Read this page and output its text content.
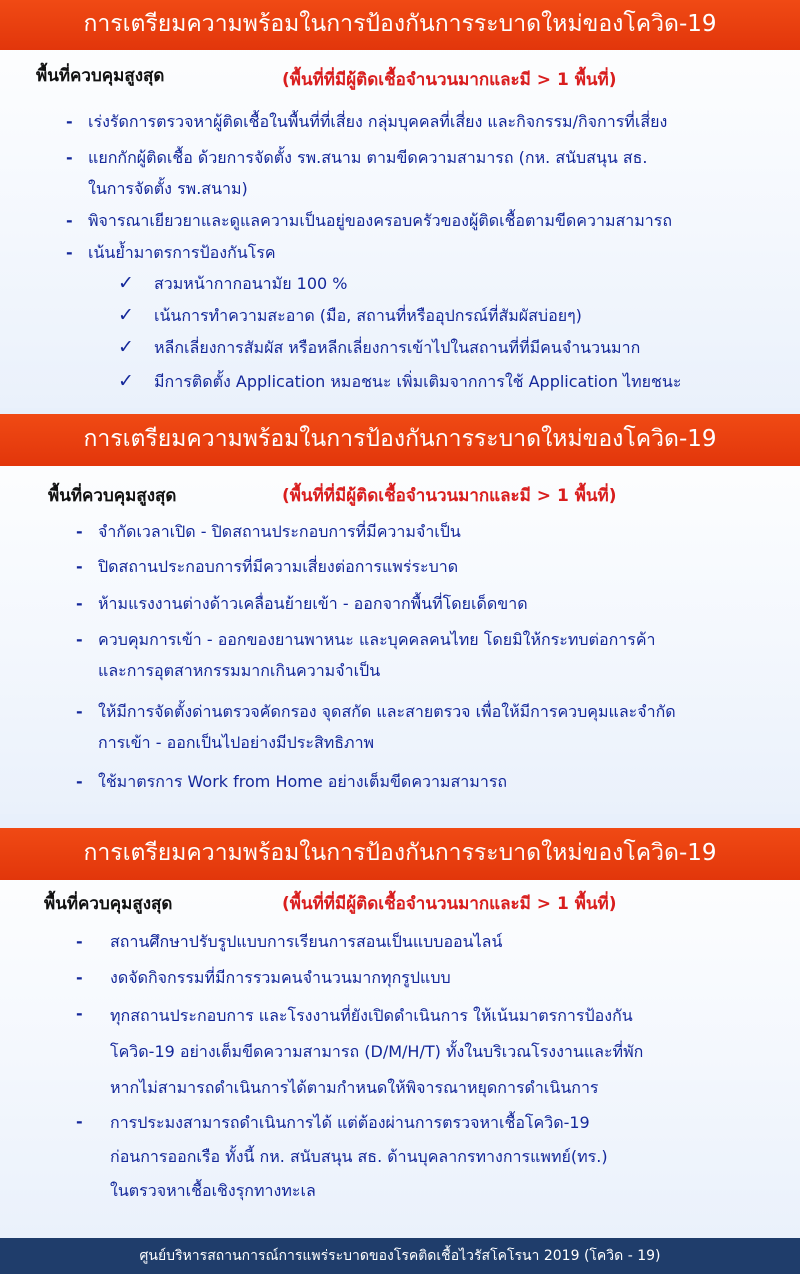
การเตรียมความพร้อมในการป้องกันการระบาดใหม่ของโควิด-19
พื้นที่ควบคุมสูงสุด	(พื้นที่ที่มีผู้ติดเชื้อจำนวนมากและมี > 1 พื้นที่)
- เร่งรัดการตรวจหาผู้ติดเชื้อในพื้นที่ที่เสี่ยง กลุ่มบุคคลที่เสี่ยง และกิจกรรม/กิจการที่เสี่ยง
- แยกกักผู้ติดเชื้อ ด้วยการจัดตั้ง รพ.สนาม ตามขีดความสามารถ (กห. สนับสนุน สธ.
ในการจัดตั้ง รพ.สนาม)
- พิจารณาเยียวยาและดูแลความเป็นอยู่ของครอบครัวของผู้ติดเชื้อตามขีดความสามารถ
- เน้นย้ำมาตรการป้องกันโรค
✓	สวมหน้ากากอนามัย 100 %
✓	เน้นการทำความสะอาด (มือ, สถานที่หรืออุปกรณ์ที่สัมผัสบ่อยๆ)
✓	หลีกเลี่ยงการสัมผัส หรือหลีกเลี่ยงการเข้าไปในสถานที่ที่มีคนจำนวนมาก
✓	มีการติดตั้ง Application หมอชนะ เพิ่มเติมจากการใช้ Application ไทยชนะ
การเตรียมความพร้อมในการป้องกันการระบาดใหม่ของโควิด-19
พื้นที่ควบคุมสูงสุด	(พื้นที่ที่มีผู้ติดเชื้อจำนวนมากและมี > 1 พื้นที่)
- จำกัดเวลาเปิด - ปิดสถานประกอบการที่มีความจำเป็น
- ปิดสถานประกอบการที่มีความเสี่ยงต่อการแพร่ระบาด
- ห้ามแรงงานต่างด้าวเคลื่อนย้ายเข้า - ออกจากพื้นที่โดยเด็ดขาด
- ควบคุมการเข้า - ออกของยานพาหนะ และบุคคลคนไทย โดยมิให้กระทบต่อการค้า
และการอุตสาหกรรมมากเกินความจำเป็น
- ให้มีการจัดตั้งด่านตรวจคัดกรอง จุดสกัด และสายตรวจ เพื่อให้มีการควบคุมและจำกัด
การเข้า - ออกเป็นไปอย่างมีประสิทธิภาพ
- ใช้มาตรการ Work from Home อย่างเต็มขีดความสามารถ
การเตรียมความพร้อมในการป้องกันการระบาดใหม่ของโควิด-19
พื้นที่ควบคุมสูงสุด	(พื้นที่ที่มีผู้ติดเชื้อจำนวนมากและมี > 1 พื้นที่)
-	สถานศึกษาปรับรูปแบบการเรียนการสอนเป็นแบบออนไลน์
-	งดจัดกิจกรรมที่มีการรวมคนจำนวนมากทุกรูปแบบ
-	ทุกสถานประกอบการ และโรงงานที่ยังเปิดดำเนินการ ให้เน้นมาตรการป้องกัน
โควิด-19 อย่างเต็มขีดความสามารถ (D/M/H/T) ทั้งในบริเวณโรงงานและที่พัก
หากไม่สามารถดำเนินการได้ตามกำหนดให้พิจารณาหยุดการดำเนินการ
-	การประมงสามารถดำเนินการได้ แต่ต้องผ่านการตรวจหาเชื้อโควิด-19
ก่อนการออกเรือ ทั้งนี้ กห. สนับสนุน สธ. ด้านบุคลากรทางการแพทย์(ทร.)
ในตรวจหาเชื้อเชิงรุกทางทะเล
ศูนย์บริหารสถานการณ์การแพร่ระบาดของโรคติดเชื้อไวรัสโคโรนา 2019 (โควิด - 19)
